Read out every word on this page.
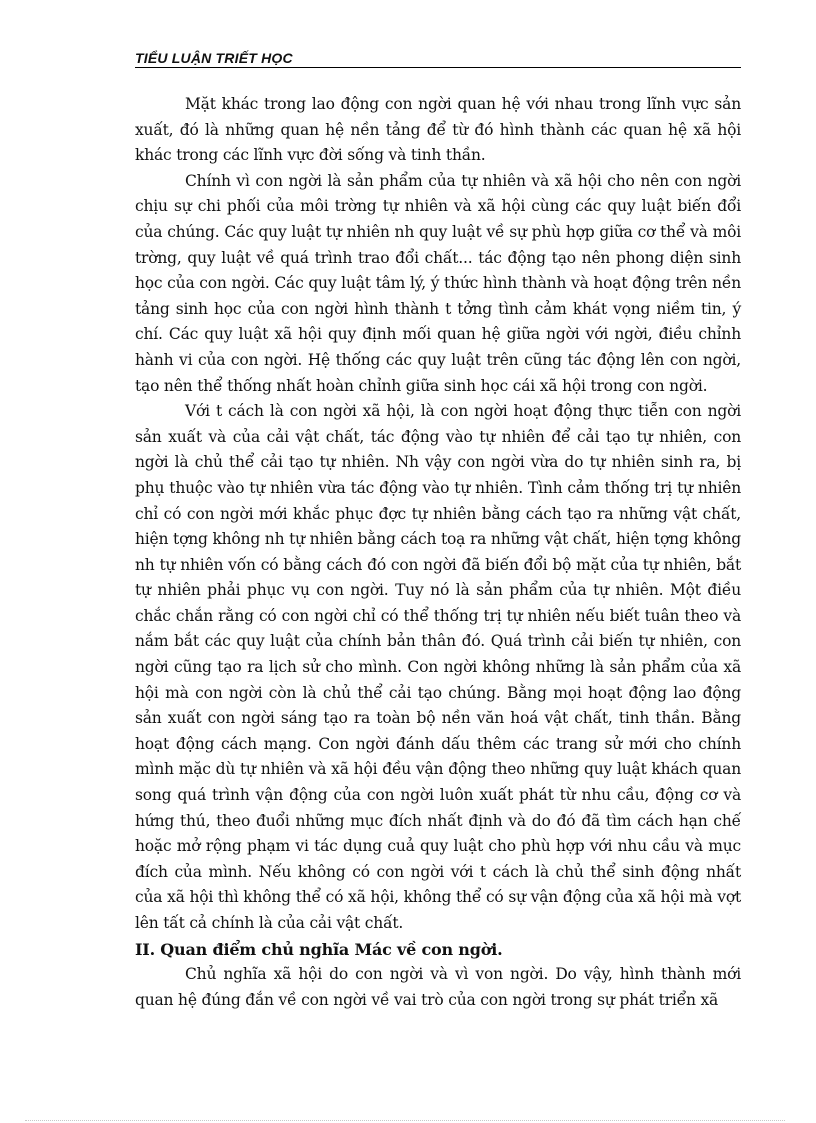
TIỂU LUẬN TRIẾT HỌC

Mặt khác trong lao động con ngời quan hệ với nhau trong lĩnh vực sản xuất, đó là những quan hệ nền tảng để từ đó hình thành các quan hệ xã hội khác trong các lĩnh vực đời sống và tinh thần.

Chính vì con ngời là sản phẩm của tự nhiên và xã hội cho nên con ngời chịu sự chi phối của môi trờng tự nhiên và xã hội cùng các quy luật biến đổi của chúng. Các quy luật tự nhiên nh quy luật về sự phù hợp giữa cơ thể và môi trờng, quy luật về quá trình trao đổi chất... tác động tạo nên phong diện sinh học của con ngời. Các quy luật tâm lý, ý thức hình thành và hoạt động trên nền tảng sinh học của con ngời hình thành t tởng tình cảm khát vọng niềm tin, ý chí. Các quy luật xã hội quy định mối quan hệ giữa ngời với ngời, điều chỉnh hành vi của con ngời. Hệ thống các quy luật trên cũng tác động lên con ngời, tạo nên thể thống nhất hoàn chỉnh giữa sinh học cái xã hội trong con ngời.

Với t cách là con ngời xã hội, là con ngời hoạt động thực tiễn con ngời sản xuất và của cải vật chất, tác động vào tự nhiên để cải tạo tự nhiên, con ngời là chủ thể cải tạo tự nhiên. Nh vậy con ngời vừa do tự nhiên sinh ra, bị phụ thuộc vào tự nhiên vừa tác động vào tự nhiên. Tình cảm thống trị tự nhiên chỉ có con ngời mới khắc phục đợc tự nhiên bằng cách tạo ra những vật chất, hiện tợng không nh tự nhiên bằng cách toạ ra những vật chất, hiện tợng không nh tự nhiên vốn có bằng cách đó con ngời đã biến đổi bộ mặt của tự nhiên, bắt tự nhiên phải phục vụ con ngời. Tuy nó là sản phẩm của tự nhiên. Một điều chắc chắn rằng có con ngời chỉ có thể thống trị tự nhiên nếu biết tuân theo và nắm bắt các quy luật của chính bản thân đó. Quá trình cải biến tự nhiên, con ngời cũng tạo ra lịch sử cho mình. Con ngời không những là sản phẩm của xã hội mà con ngời còn là chủ thể cải tạo chúng. Bằng mọi hoạt động lao động sản xuất con ngời sáng tạo ra toàn bộ nền văn hoá vật chất, tinh thần. Bằng hoạt động cách mạng. Con ngời đánh dấu thêm các trang sử mới cho chính mình mặc dù tự nhiên và xã hội đều vận động theo những quy luật khách quan song quá trình vận động của con ngời luôn xuất phát từ nhu cầu, động cơ và hứng thú, theo đuổi những mục đích nhất định và do đó đã tìm cách hạn chế hoặc mở rộng phạm vi tác dụng cuả quy luật cho phù hợp với nhu cầu và mục đích của mình. Nếu không có con ngời với t cách là chủ thể sinh động nhất của xã hội thì không thể có xã hội, không thể có sự vận động của xã hội mà vợt lên tất cả chính là của cải vật chất.

II. Quan điểm chủ nghĩa Mác về con ngời.

Chủ nghĩa xã hội do con ngời và vì von ngời. Do vậy, hình thành mới quan hệ đúng đắn về con ngời về vai trò của con ngời trong sự phát triển xã
